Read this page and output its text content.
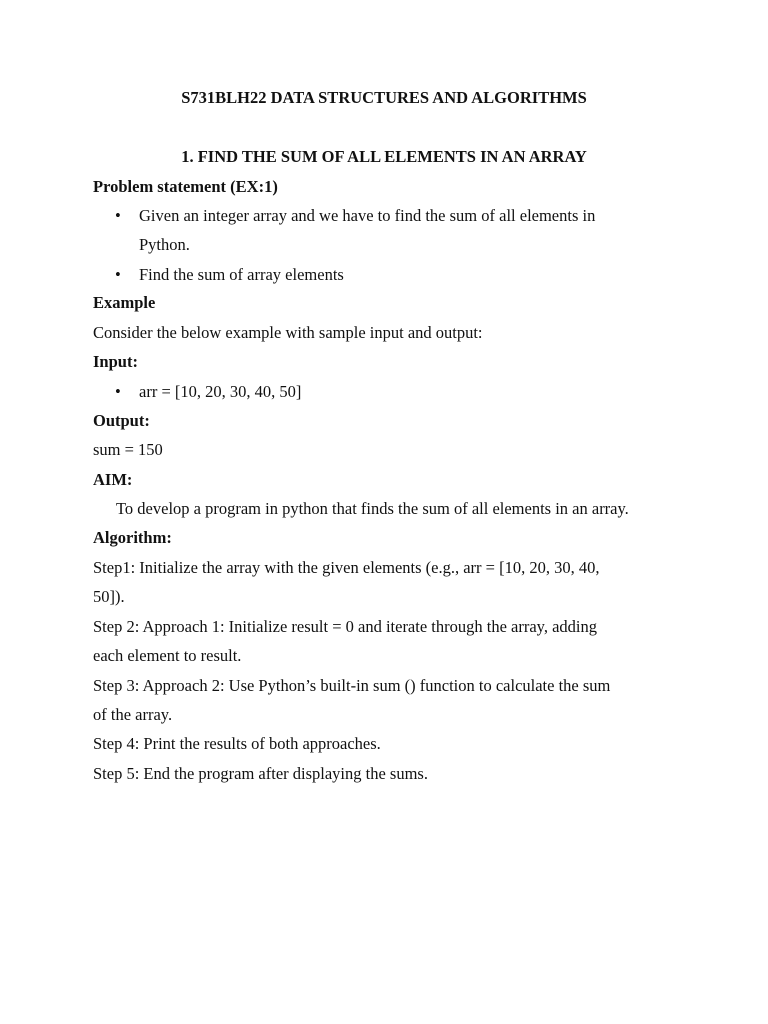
S731BLH22 DATA STRUCTURES AND ALGORITHMS
1. FIND THE SUM OF ALL ELEMENTS IN AN ARRAY
Problem statement (EX:1)
• Given an integer array and we have to find the sum of all elements in
Python.
• Find the sum of array elements
Example
Consider the below example with sample input and output:
Input:
• arr = [10, 20, 30, 40, 50]
Output:
sum = 150
AIM:
To develop a program in python that finds the sum of all elements in an array.
Algorithm:
Step1: Initialize the array with the given elements (e.g., arr = [10, 20, 30, 40,
50]).
Step 2: Approach 1: Initialize result = 0 and iterate through the array, adding
each element to result.
Step 3: Approach 2: Use Python’s built-in sum () function to calculate the sum
of the array.
Step 4: Print the results of both approaches.
Step 5: End the program after displaying the sums.
